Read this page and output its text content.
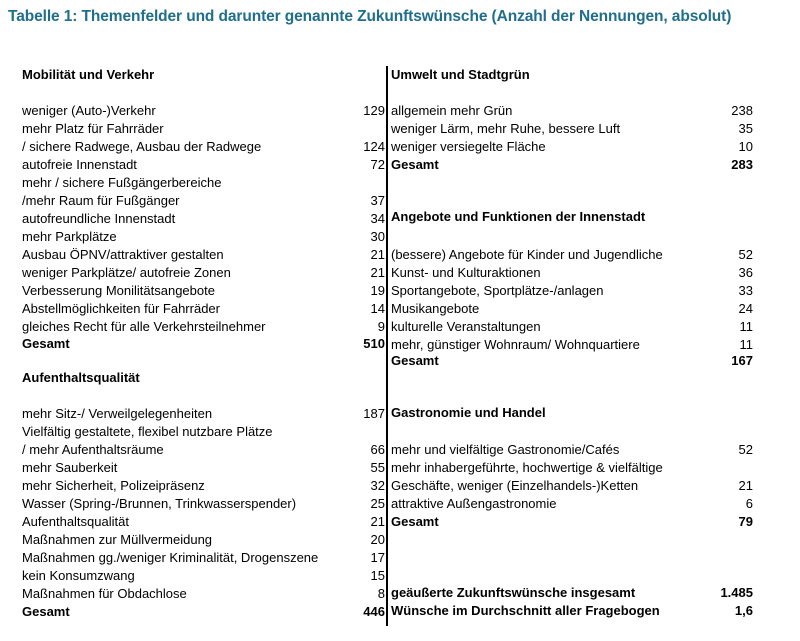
Tabelle 1: Themenfelder und darunter genannte Zukunftswünsche (Anzahl der Nennungen, absolut)
Mobilität und Verkehr
weniger (Auto-)Verkehr	129
mehr Platz für Fahrräder
/ sichere Radwege, Ausbau der Radwege	124
autofreie Innenstadt	72
mehr / sichere Fußgängerbereiche
/mehr Raum für Fußgänger	37
autofreundliche Innenstadt	34
mehr Parkplätze	30
Ausbau ÖPNV/attraktiver gestalten	21
weniger Parkplätze/ autofreie Zonen	21
Verbesserung Monilitätsangebote	19
Abstellmöglichkeiten für Fahrräder	14
gleiches Recht für alle Verkehrsteilnehmer	9
Gesamt	510
Aufenthaltsqualität
mehr Sitz-/ Verweilgelegenheiten	187
Vielfältig gestaltete, flexibel nutzbare Plätze
/ mehr Aufenthaltsräume	66
mehr Sauberkeit	55
mehr Sicherheit, Polizeipräsenz	32
Wasser (Spring-/Brunnen, Trinkwasserspender)	25
Aufenthaltsqualität	21
Maßnahmen zur Müllvermeidung	20
Maßnahmen gg./weniger Kriminalität, Drogenszene	17
kein Konsumzwang	15
Maßnahmen für Obdachlose	8
Gesamt	446
Umwelt und Stadtgrün
allgemein mehr Grün	238
weniger Lärm, mehr Ruhe, bessere Luft	35
weniger versiegelte Fläche	10
Gesamt	283
Angebote und Funktionen der Innenstadt
(bessere) Angebote für Kinder und Jugendliche	52
Kunst- und Kulturaktionen	36
Sportangebote, Sportplätze-/anlagen	33
Musikangebote	24
kulturelle Veranstaltungen	11
mehr, günstiger Wohnraum/ Wohnquartiere	11
Gesamt	167
Gastronomie und Handel
mehr und vielfältige Gastronomie/Cafés	52
mehr inhabergeführte, hochwertige & vielfältige
Geschäfte, weniger (Einzelhandels-)Ketten	21
attraktive Außengastronomie	6
Gesamt	79
geäußerte Zukunftswünsche insgesamt	1.485
Wünsche im Durchschnitt aller Fragebogen	1,6
